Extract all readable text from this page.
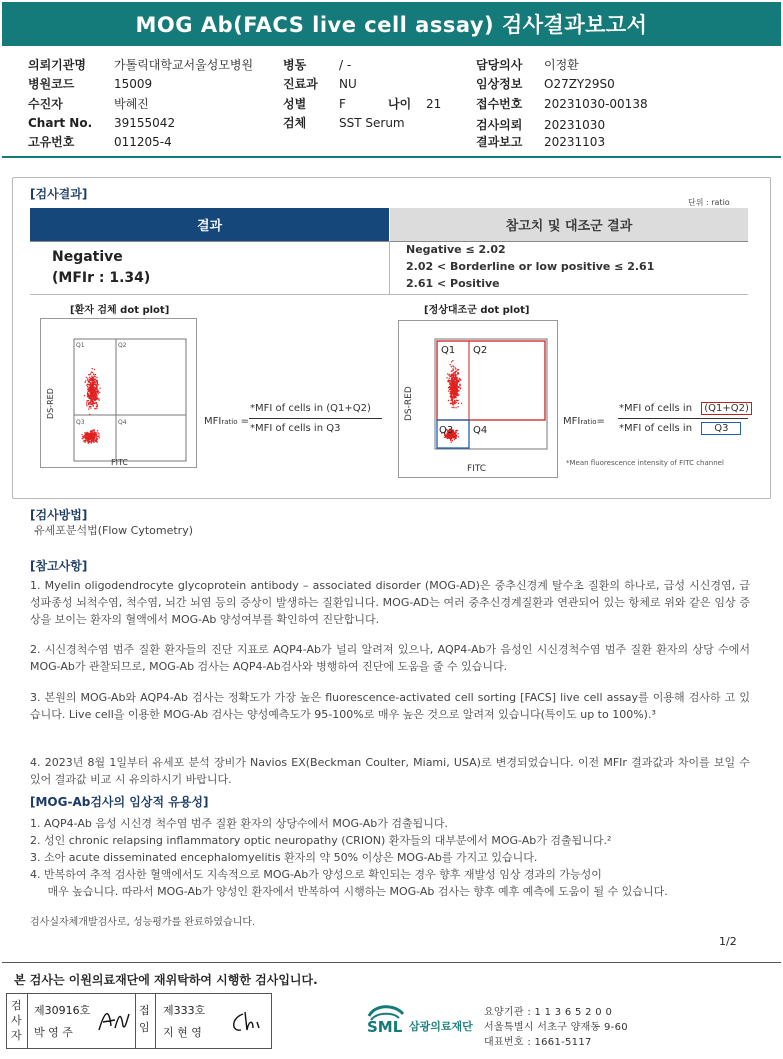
MOG Ab(FACS live cell assay) 검사결과보고서
의뢰기관명 가톨릭대학교서울성모병원
병원코드	15009
수진자	박혜진
Chart No. 39155042
고유번호	011205-4
병동	/ -
진료과 NU
성별	F	나이 21
검체	SST Serum
담당의사 이정환
임상정보 O27ZY29S0
접수번호 20231030-00138
검사의뢰 20231030
결과보고 20231103
[검사결과]
단위 : ratio
결과	참고치 및 대조군 결과
Negative
(MFIr : 1.34)
Negative ≤ 2.02
2.02 < Borderline or low positive ≤ 2.61
2.61 < Positive
[환자 검체 dot plot]
Q1	Q2
Q3	Q4
DS-RED
FITC
MFIratio =
*MFI of cells in (Q1+Q2)
*MFI of cells in Q3
[정상대조군 dot plot]
Q1 Q2
Q3 Q4
DS-RED
FITC
MFIratio=
*MFI of cells in (Q1+Q2)
*MFI of cells in Q3
*Mean fluorescence intensity of FITC channel
[검사방법]
유세포분석법(Flow Cytometry)
[참고사항]
1. Myelin oligodendrocyte glycoprotein antibody – associated disorder (MOG-AD)은 중추신경계 탈수초 질환의 하나로, 급성 시신경염, 급성파종성 뇌척수염, 척수염, 뇌간 뇌염 등의 증상이 발생하는 질환입니다. MOG-AD는 여러 중추신경계질환과 연관되어 있는 항체로 위와 같은 임상 증상을 보이는 환자의 혈액에서 MOG-Ab 양성여부를 확인하여 진단합니다.
2. 시신경척수염 범주 질환 환자들의 진단 지표로 AQP4-Ab가 널리 알려져 있으나, AQP4-Ab가 음성인 시신경척수염 범주 질환 환자의 상당 수에서 MOG-Ab가 관찰되므로, MOG-Ab 검사는 AQP4-Ab검사와 병행하여 진단에 도움을 줄 수 있습니다.
3. 본원의 MOG-Ab와 AQP4-Ab 검사는 정확도가 가장 높은 fluorescence-activated cell sorting [FACS] live cell assay를 이용해 검사하 고 있습니다. Live cell을 이용한 MOG-Ab 검사는 양성예측도가 95-100%로 매우 높은 것으로 알려져 있습니다(특이도 up to 100%).³
4. 2023년 8월 1일부터 유세포 분석 장비가 Navios EX(Beckman Coulter, Miami, USA)로 변경되었습니다. 이전 MFIr 결과값과 차이를 보일 수 있어 결과값 비교 시 유의하시기 바랍니다.
[MOG-Ab검사의 임상적 유용성]
1. AQP4-Ab 음성 시신경 척수염 범주 질환 환자의 상당수에서 MOG-Ab가 검출됩니다.
2. 성인 chronic relapsing inflammatory optic neuropathy (CRION) 환자들의 대부분에서 MOG-Ab가 검출됩니다.²
3. 소아 acute disseminated encephalomyelitis 환자의 약 50% 이상은 MOG-Ab를 가지고 있습니다.
4. 반복하여 추적 검사한 혈액에서도 지속적으로 MOG-Ab가 양성으로 확인되는 경우 향후 재발성 임상 경과의 가능성이
매우 높습니다. 따라서 MOG-Ab가 양성인 환자에서 반복하여 시행하는 MOG-Ab 검사는 향후 예후 예측에 도움이 될 수 있습니다.
검사실자체개발검사로, 성능평가를 완료하였습니다.
1/2
본 검사는 이원의료재단에 재위탁하여 시행한 검사입니다.
검사자
제30916호
박 영 주
접임
제333호
지 현 영	SML 삼광의료재단
요양기관 : 1 1 3 6 5 2 0 0
서울특별시 서초구 양재동 9-60
대표번호 : 1661-5117
